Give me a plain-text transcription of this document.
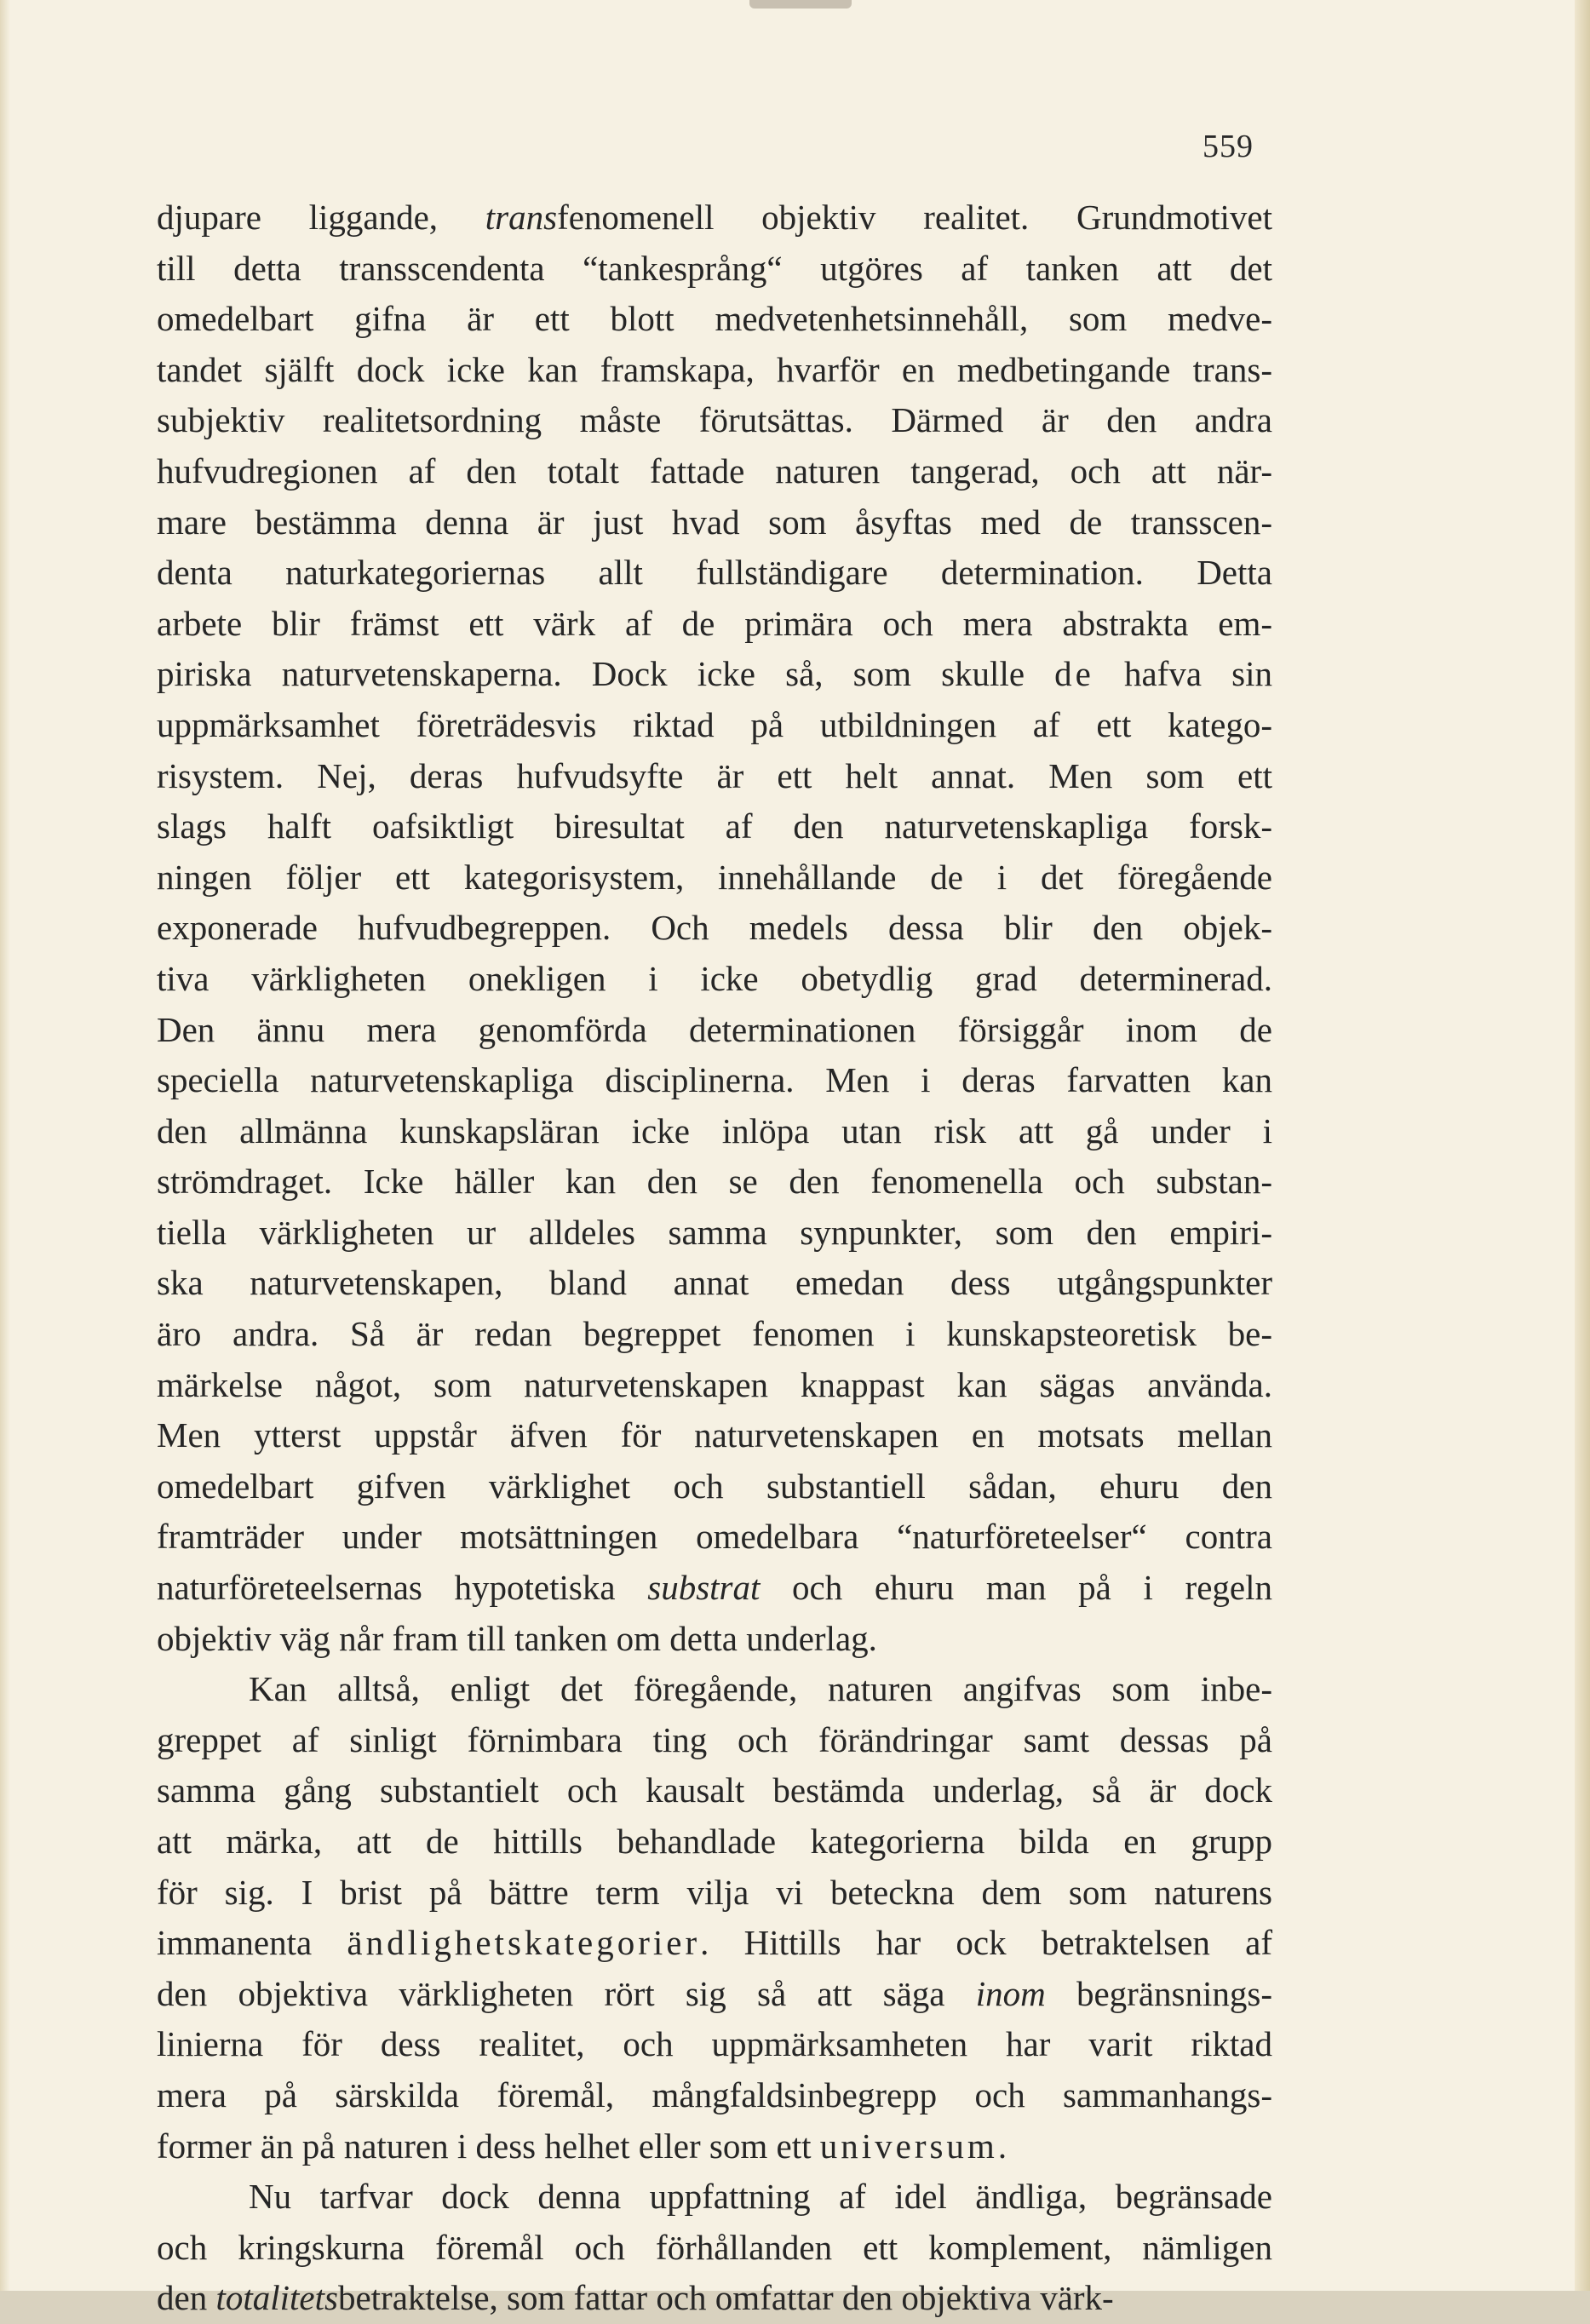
559
djupare liggande, transfenomenell objektiv realitet. Grundmotivet
till detta transscendenta “tankesprång“ utgöres af tanken att det
omedelbart gifna är ett blott medvetenhetsinnehåll, som medve-
tandet själft dock icke kan framskapa, hvarför en medbetingande trans-
subjektiv realitetsordning måste förutsättas. Därmed är den andra
hufvudregionen af den totalt fattade naturen tangerad, och att när-
mare bestämma denna är just hvad som åsyftas med de transscen-
denta naturkategoriernas allt fullständigare determination. Detta
arbete blir främst ett värk af de primära och mera abstrakta em-
piriska naturvetenskaperna. Dock icke så, som skulle de hafva sin
uppmärksamhet företrädesvis riktad på utbildningen af ett katego-
risystem. Nej, deras hufvudsyfte är ett helt annat. Men som ett
slags halft oafsiktligt biresultat af den naturvetenskapliga forsk-
ningen följer ett kategorisystem, innehållande de i det föregående
exponerade hufvudbegreppen. Och medels dessa blir den objek-
tiva värkligheten onekligen i icke obetydlig grad determinerad.
Den ännu mera genomförda determinationen försiggår inom de
speciella naturvetenskapliga disciplinerna. Men i deras farvatten kan
den allmänna kunskapsläran icke inlöpa utan risk att gå under i
strömdraget. Icke häller kan den se den fenomenella och substan-
tiella värkligheten ur alldeles samma synpunkter, som den empiri-
ska naturvetenskapen, bland annat emedan dess utgångspunkter
äro andra. Så är redan begreppet fenomen i kunskapsteoretisk be-
märkelse något, som naturvetenskapen knappast kan sägas använda.
Men ytterst uppstår äfven för naturvetenskapen en motsats mellan
omedelbart gifven värklighet och substantiell sådan, ehuru den
framträder under motsättningen omedelbara “naturföreteelser“ contra
naturföreteelsernas hypotetiska substrat och ehuru man på i regeln
objektiv väg når fram till tanken om detta underlag.
Kan alltså, enligt det föregående, naturen angifvas som inbe-
greppet af sinligt förnimbara ting och förändringar samt dessas på
samma gång substantielt och kausalt bestämda underlag, så är dock
att märka, att de hittills behandlade kategorierna bilda en grupp
för sig. I brist på bättre term vilja vi beteckna dem som naturens
immanenta ändlighetskategorier. Hittills har ock betraktelsen af
den objektiva värkligheten rört sig så att säga inom begränsnings-
linierna för dess realitet, och uppmärksamheten har varit riktad
mera på särskilda föremål, mångfaldsinbegrepp och sammanhangs-
former än på naturen i dess helhet eller som ett universum.
Nu tarfvar dock denna uppfattning af idel ändliga, begränsade
och kringskurna föremål och förhållanden ett komplement, nämligen
den totalitetsbetraktelse, som fattar och omfattar den objektiva värk-
